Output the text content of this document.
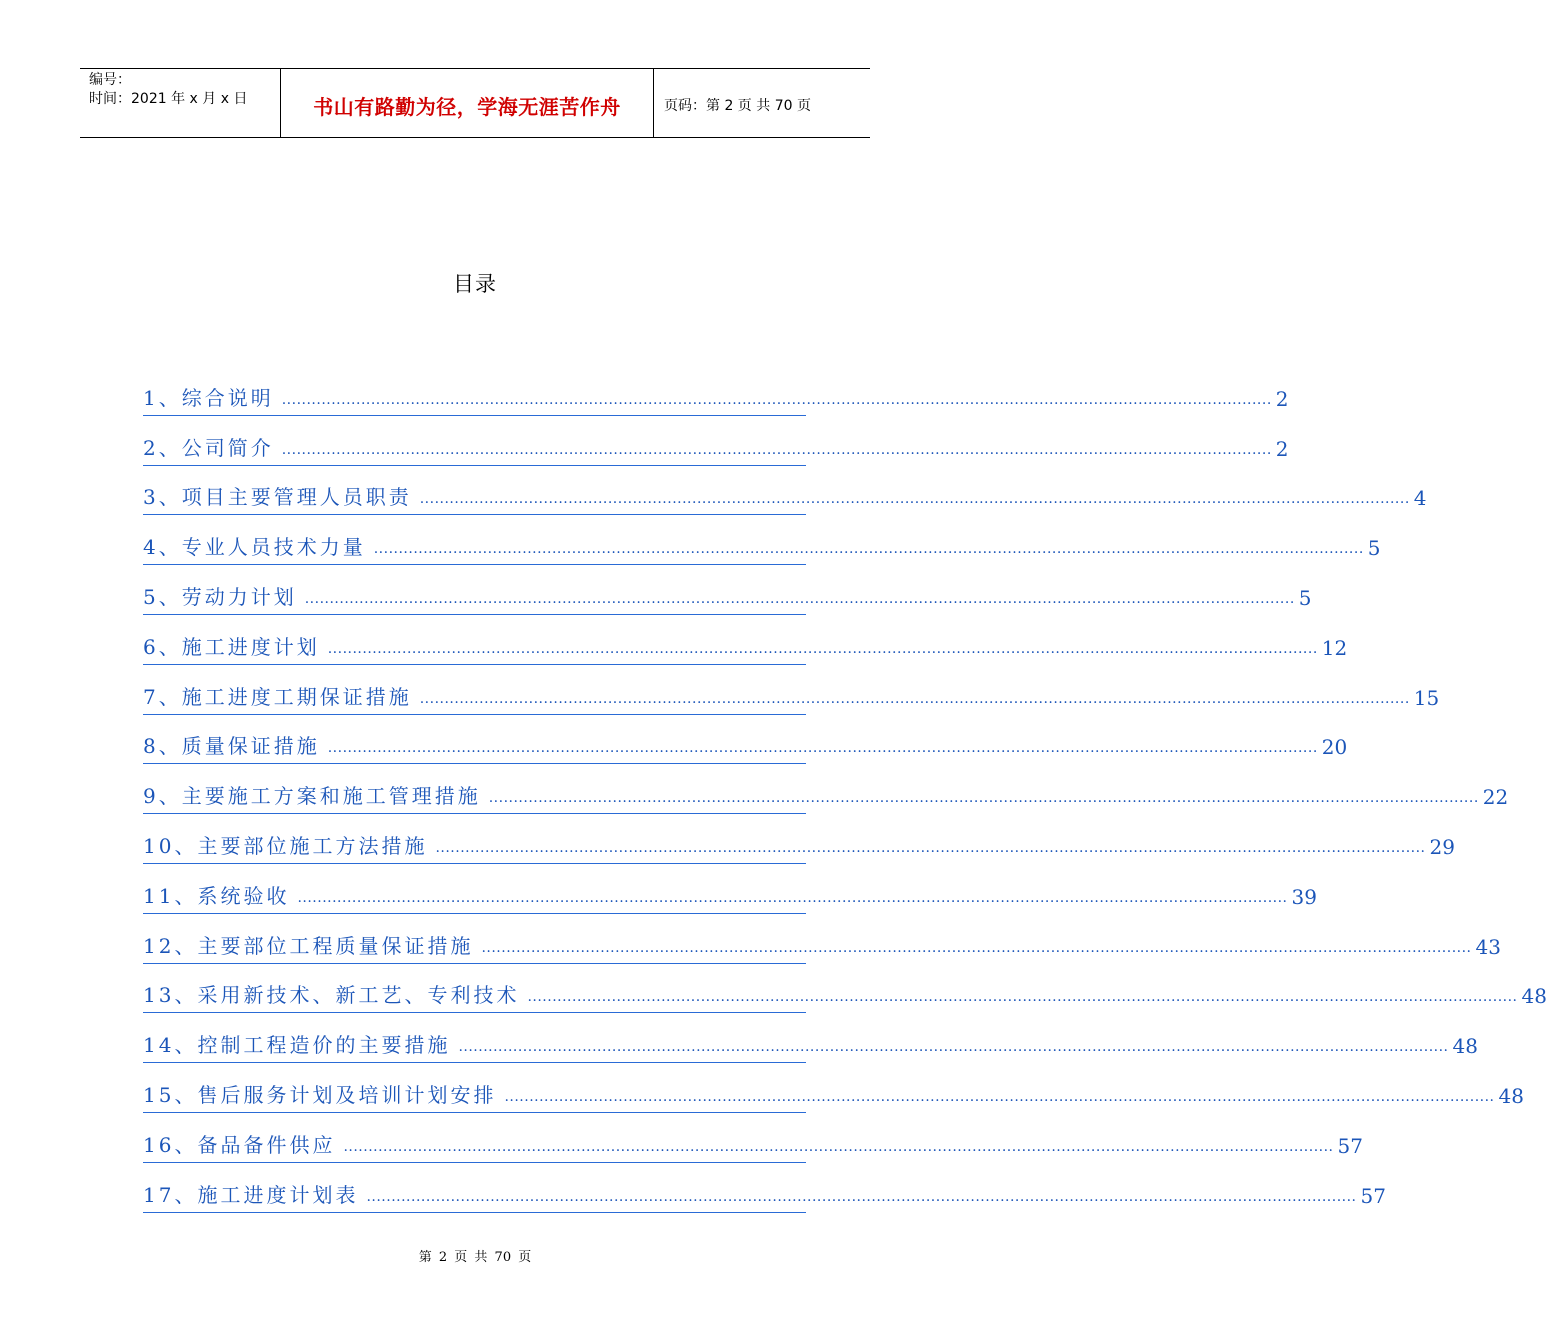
编号：
时间：2021 年 x 月 x 日	书山有路勤为径，学海无涯苦作舟	页码：第 2 页 共 70 页
目录
1、综合说明 ........................................................................................................................................................................................................ 2
2、公司简介 ........................................................................................................................................................................................................ 2
3、项目主要管理人员职责 ........................................................................................................................................................................................................ 4
4、专业人员技术力量 ........................................................................................................................................................................................................ 5
5、劳动力计划 ........................................................................................................................................................................................................ 5
6、施工进度计划 ........................................................................................................................................................................................................ 12
7、施工进度工期保证措施 ........................................................................................................................................................................................................ 15
8、质量保证措施 ........................................................................................................................................................................................................ 20
9、主要施工方案和施工管理措施 ........................................................................................................................................................................................................ 22
10、主要部位施工方法措施 ........................................................................................................................................................................................................ 29
11、系统验收 ........................................................................................................................................................................................................ 39
12、主要部位工程质量保证措施 ........................................................................................................................................................................................................ 43
13、采用新技术、新工艺、专利技术 ........................................................................................................................................................................................................ 48
14、控制工程造价的主要措施 ........................................................................................................................................................................................................ 48
15、售后服务计划及培训计划安排 ........................................................................................................................................................................................................ 48
16、备品备件供应 ........................................................................................................................................................................................................ 57
17、施工进度计划表 ........................................................................................................................................................................................................ 57
第 2 页 共 70 页
